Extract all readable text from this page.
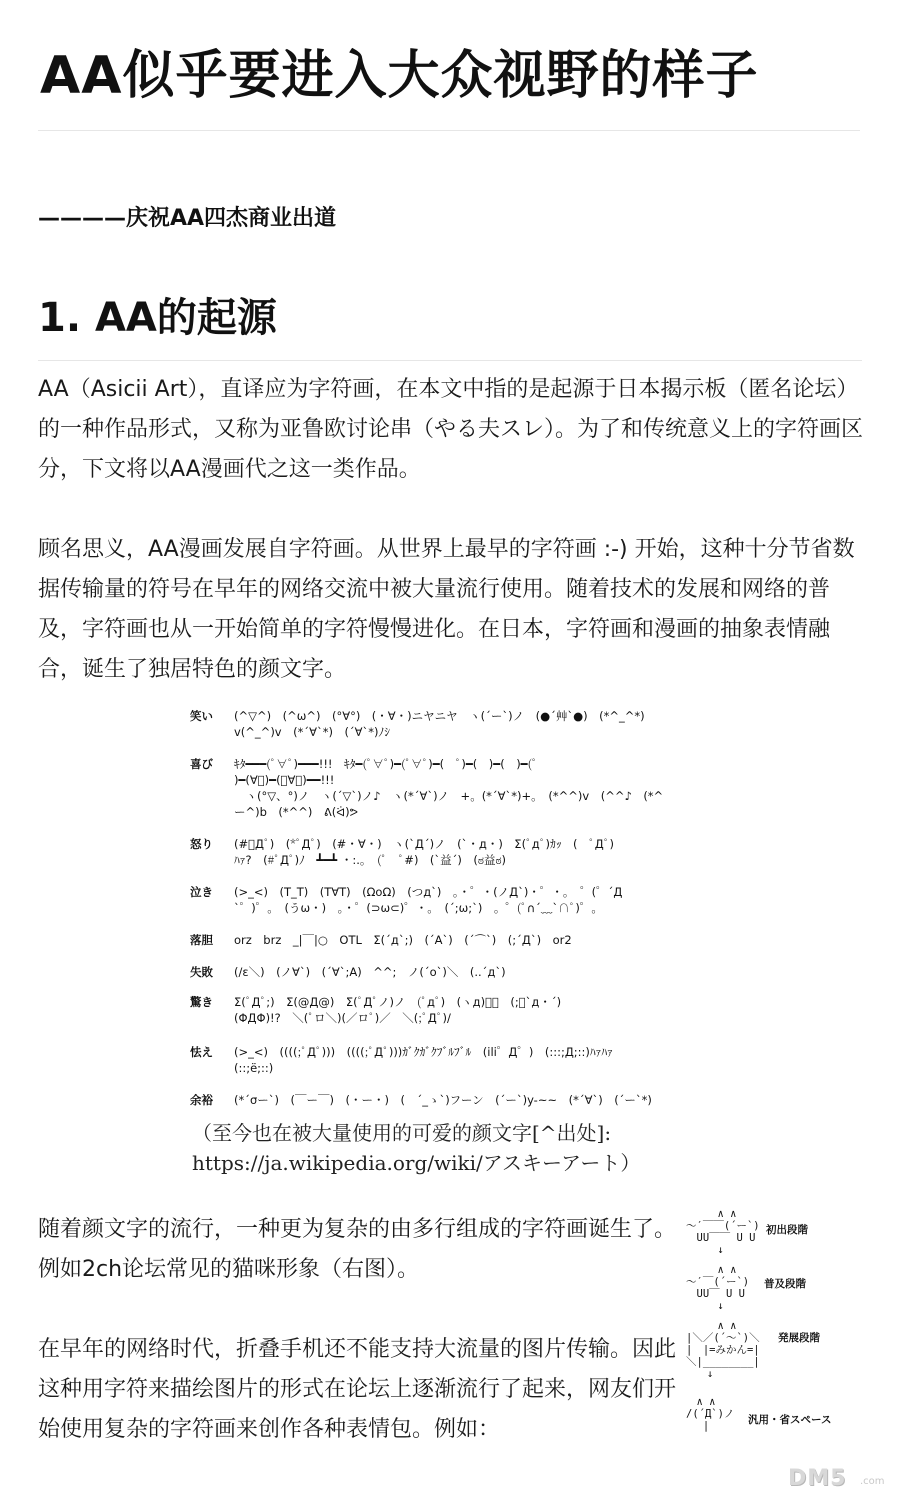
AA似乎要进入大众视野的样子
————庆祝AA四杰商业出道
1. AA的起源

AA（Asicii Art），直译应为字符画，在本文中指的是起源于日本揭示板（匿名论坛）的一种作品形式，又称为亚鲁欧讨论串（やる夫スレ）。为了和传统意义上的字符画区分，下文将以AA漫画代之这一类作品。

顾名思义，AA漫画发展自字符画。从世界上最早的字符画 :-) 开始，这种十分节省数据传输量的符号在早年的网络交流中被大量流行使用。随着技术的发展和网络的普及，字符画也从一开始简单的字符慢慢进化。在日本，字符画和漫画的抽象表情融合，诞生了独居特色的颜文字。

笑い (^▽^)　(^ω^)　(°∀°)　(・∀・)ニヤニヤ　ヽ(´ー`)ノ　(●´艸`●)　(*^_^*)
v(^_^)v　(*´∀`*)　(´∀`*)ﾉｼ
喜び ｷﾀ━━━(ﾟ∀ﾟ)━━━!!!　ｷﾀ━(ﾟ∀ﾟ)━(ﾟ∀ﾟ)━(　ﾟ)━(　)━(　)━(ﾟ
)━(∀ﾟ)━(ﾟ∀ﾟ)━━!!!
　ヽ(°▽、°)ノ　ヽ(´▽`)ノ♪　ヽ(*´∀`)ノ　+。(*´∀`*)+。　(*^^)v　(^^♪　(*^
ー^)b　(*^^)　ᕕ(ᐛ)ᕗ
怒り (#ﾟДﾟ)　(*ﾟДﾟ)　(#・∀・)　ヽ(`Д´)ノ　(`・д・)　Σ(ﾟдﾟ)ｶｯ　(　ﾟДﾟ)
ﾊｧ?　(#ﾟДﾟ)ﾉ　┻━┻ ・:.。　(ﾟ　ﾟ#)　(`益´)　(ಠ益ಠ)
泣き (>_<)　(T_T)　(T∀T)　(ΩoΩ)　(つд`)　。・゜・(ノД`)・゜・。　゜(゜´Д
`゜)゜。　(うω・)　。・゜(⊃ω⊂)゜・。　(´;ω;`)　。゜(ﾟ∩´﹏`∩ﾟ)゜。
落胆 orz　brz　_|￣|○　OTL　Σ(´д`;)　(´A`)　(´⌒`)　(;´Д`)　or2
失敗 (/ε＼)　(ノ∀`)　(´∀`;A)　^^;　ノ(´o`)＼　(..´д`)
驚き Σ(ﾟДﾟ;)　Σ(@Д@)　Σ(ﾟДﾟノ)ノ　(ﾟдﾟ)　(ヽд)ﾟﾟ　(;・`д・´)
(ΦДΦ)!?　＼(ﾟロ＼)(／ロﾟ)／　＼(;ﾟДﾟ)/
怯え (>_<)　((((;ﾟДﾟ)))　((((;ﾟДﾟ)))ｶﾞｸｶﾞｸﾌﾞﾙﾌﾞﾙ　(ili゜Д゜)　(:::;Д;::)ﾊｧﾊｧ
(::;ё;::)
余裕 (*´σー`)　(￣ー￣)　(・ー・)　(　´_ゝ`)フーン　(´ー`)y-~~　(*´∀`)　(´ー`*)

（至今也在被大量使用的可爱的颜文字[^出处]: https://ja.wikipedia.org/wiki/アスキーアート）

随着颜文字的流行，一种更为复杂的由多行组成的字符画诞生了。例如2ch论坛常见的猫咪形象（右图）。

在早年的网络时代，折叠手机还不能支持大流量的图片传输。因此这种用字符来描绘图片的形式在论坛上逐渐流行了起来，网友们开始使用复杂的字符画来创作各种表情包。例如：

　　　∧ ∧
～′￣￣(´ー`)
　UU￣￣ U U
　　　↓
初出段階
　　　∧ ∧
～′￣(´ー`)
　UU￣ U U
　　　↓
普及段階
　　　∧ ∧
|＼／(´～`)＼
|　|=みかん=|
＼|________|
　　↓
発展段階
　∧ ∧
/(´Д`)ノ
　 |	汎用・省スペース
DM5 .com
